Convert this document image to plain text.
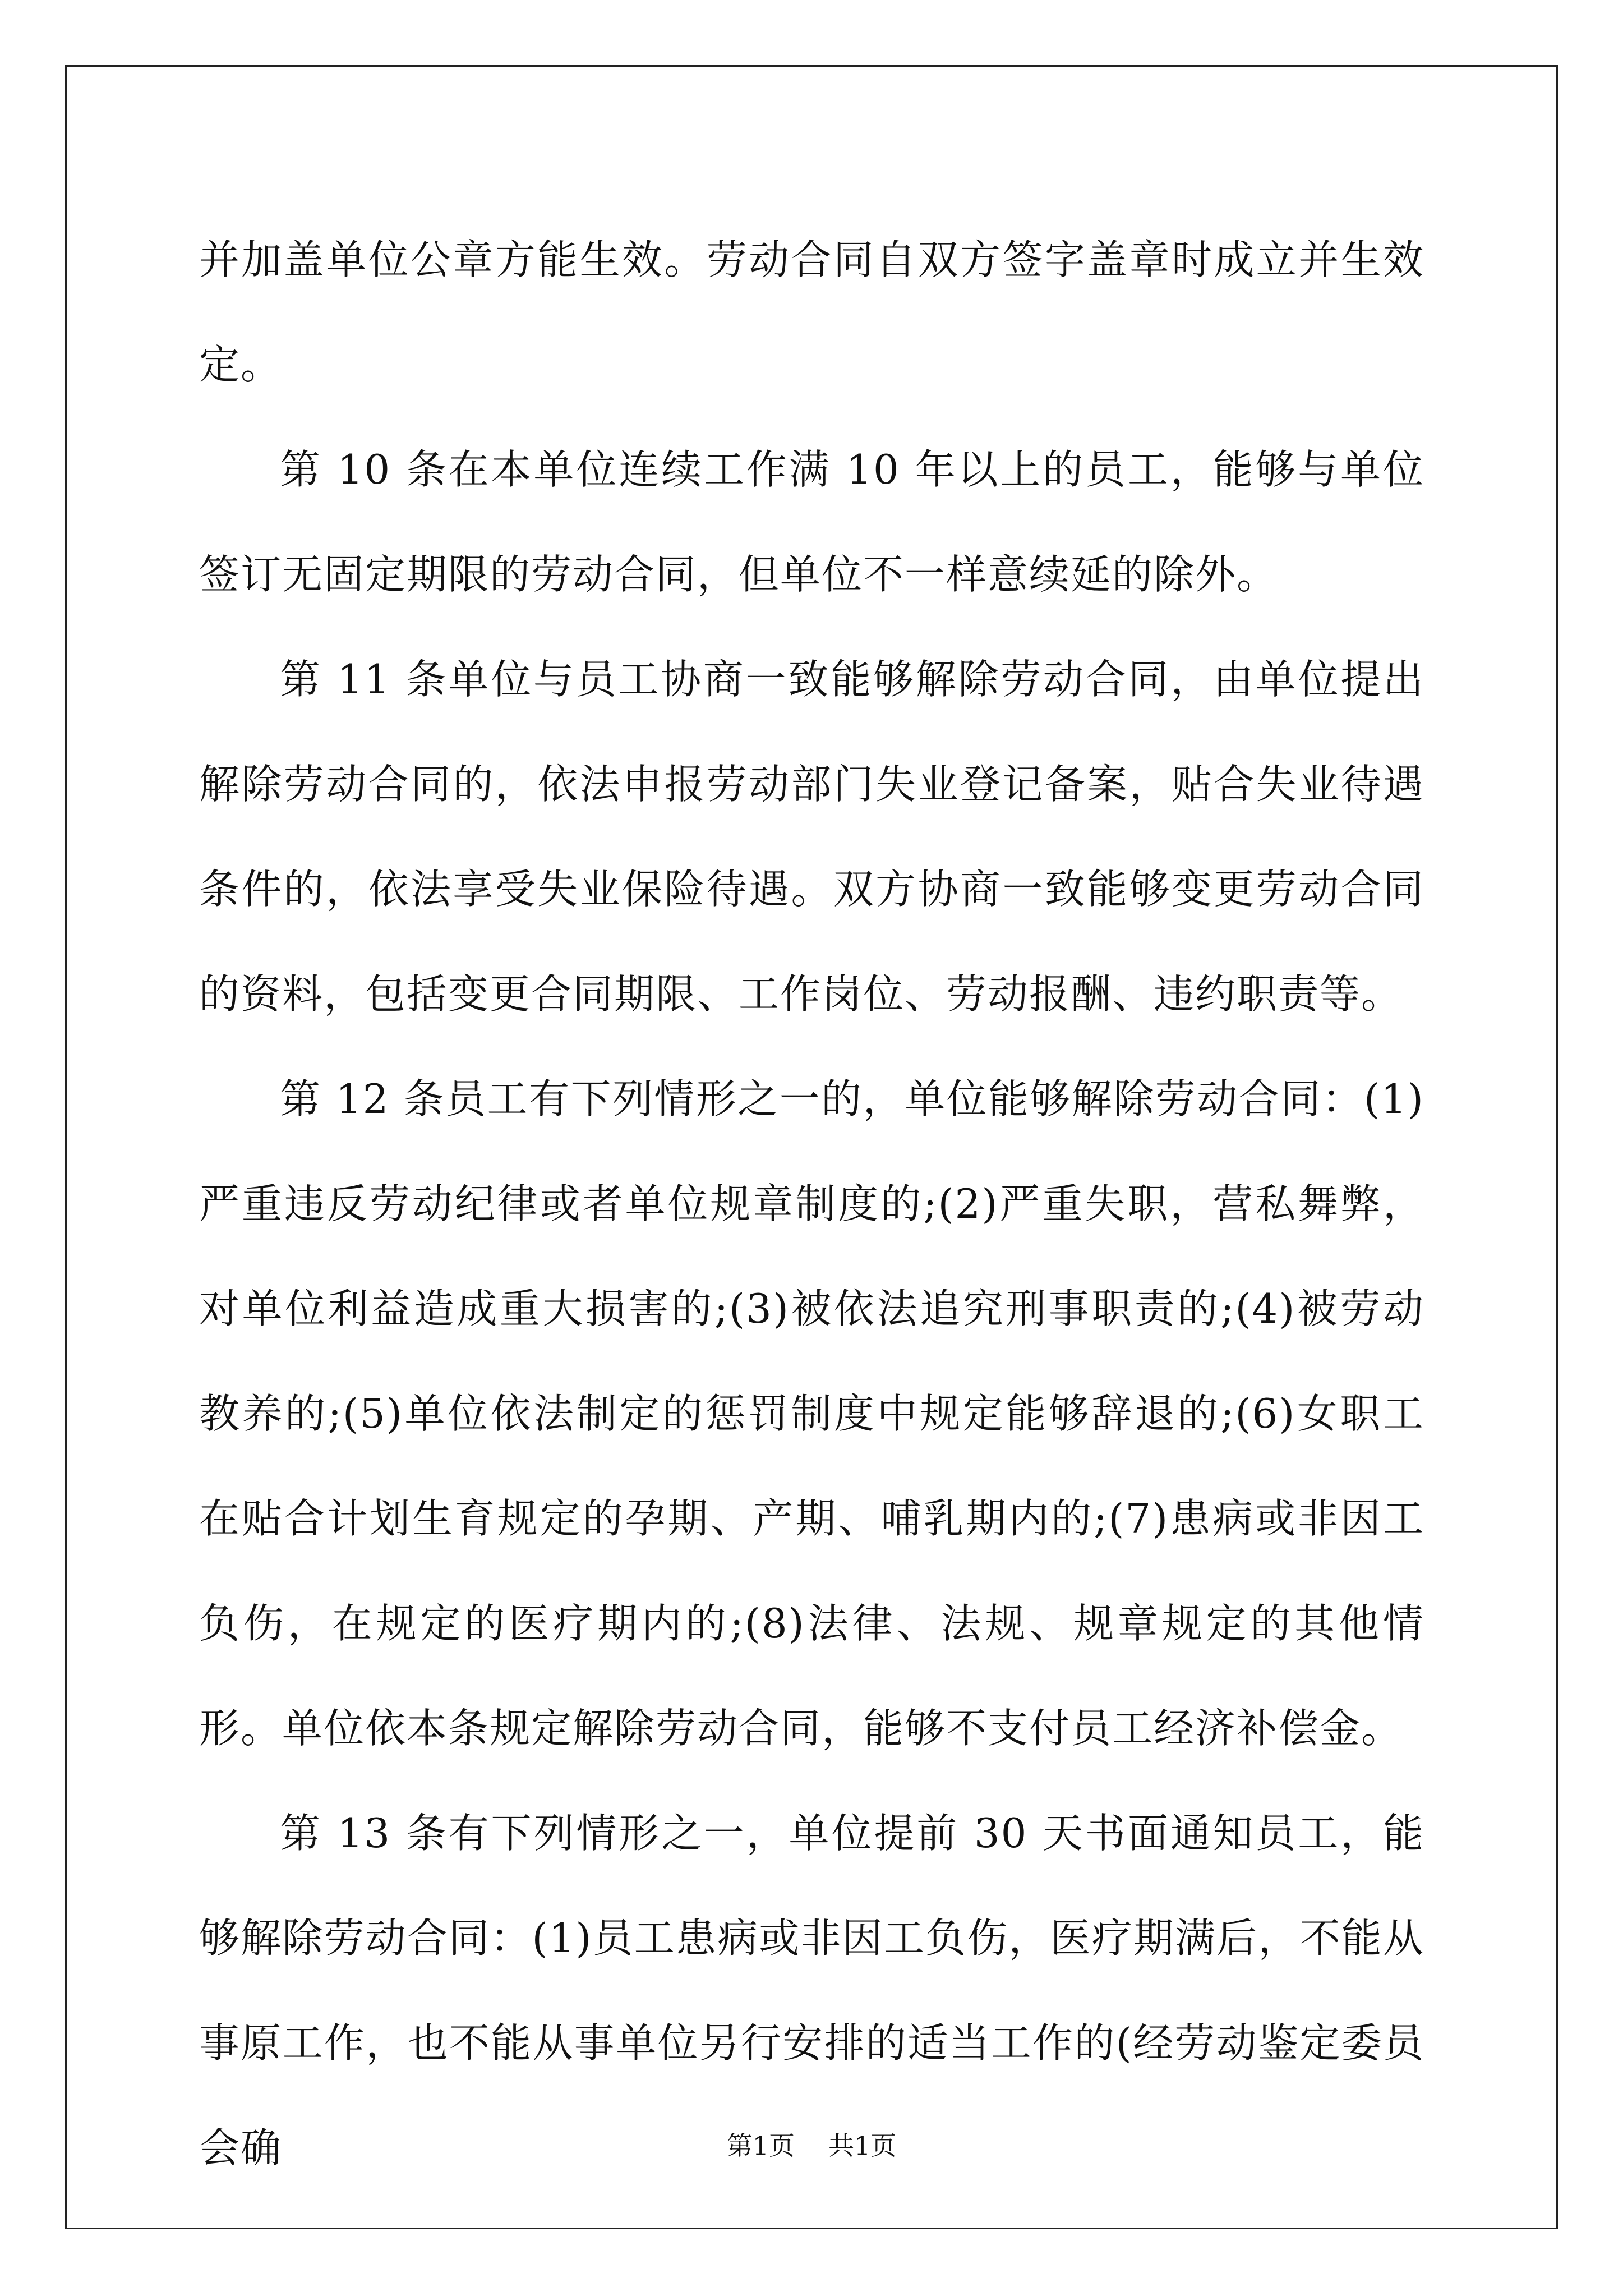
并加盖单位公章方能生效。劳动合同自双方签字盖章时成立并生效定。

第 10 条在本单位连续工作满 10 年以上的员工，能够与单位签订无固定期限的劳动合同，但单位不一样意续延的除外。

第 11 条单位与员工协商一致能够解除劳动合同，由单位提出解除劳动合同的，依法申报劳动部门失业登记备案，贴合失业待遇条件的，依法享受失业保险待遇。双方协商一致能够变更劳动合同的资料，包括变更合同期限、工作岗位、劳动报酬、违约职责等。

第 12 条员工有下列情形之一的，单位能够解除劳动合同：(1)严重违反劳动纪律或者单位规章制度的;(2)严重失职，营私舞弊，对单位利益造成重大损害的;(3)被依法追究刑事职责的;(4)被劳动教养的;(5)单位依法制定的惩罚制度中规定能够辞退的;(6)女职工在贴合计划生育规定的孕期、产期、哺乳期内的;(7)患病或非因工负伤，在规定的医疗期内的;(8)法律、法规、规章规定的其他情形。单位依本条规定解除劳动合同，能够不支付员工经济补偿金。

第 13 条有下列情形之一，单位提前 30 天书面通知员工，能够解除劳动合同：(1)员工患病或非因工负伤，医疗期满后，不能从事原工作，也不能从事单位另行安排的适当工作的(经劳动鉴定委员会确	第1页 共1页
